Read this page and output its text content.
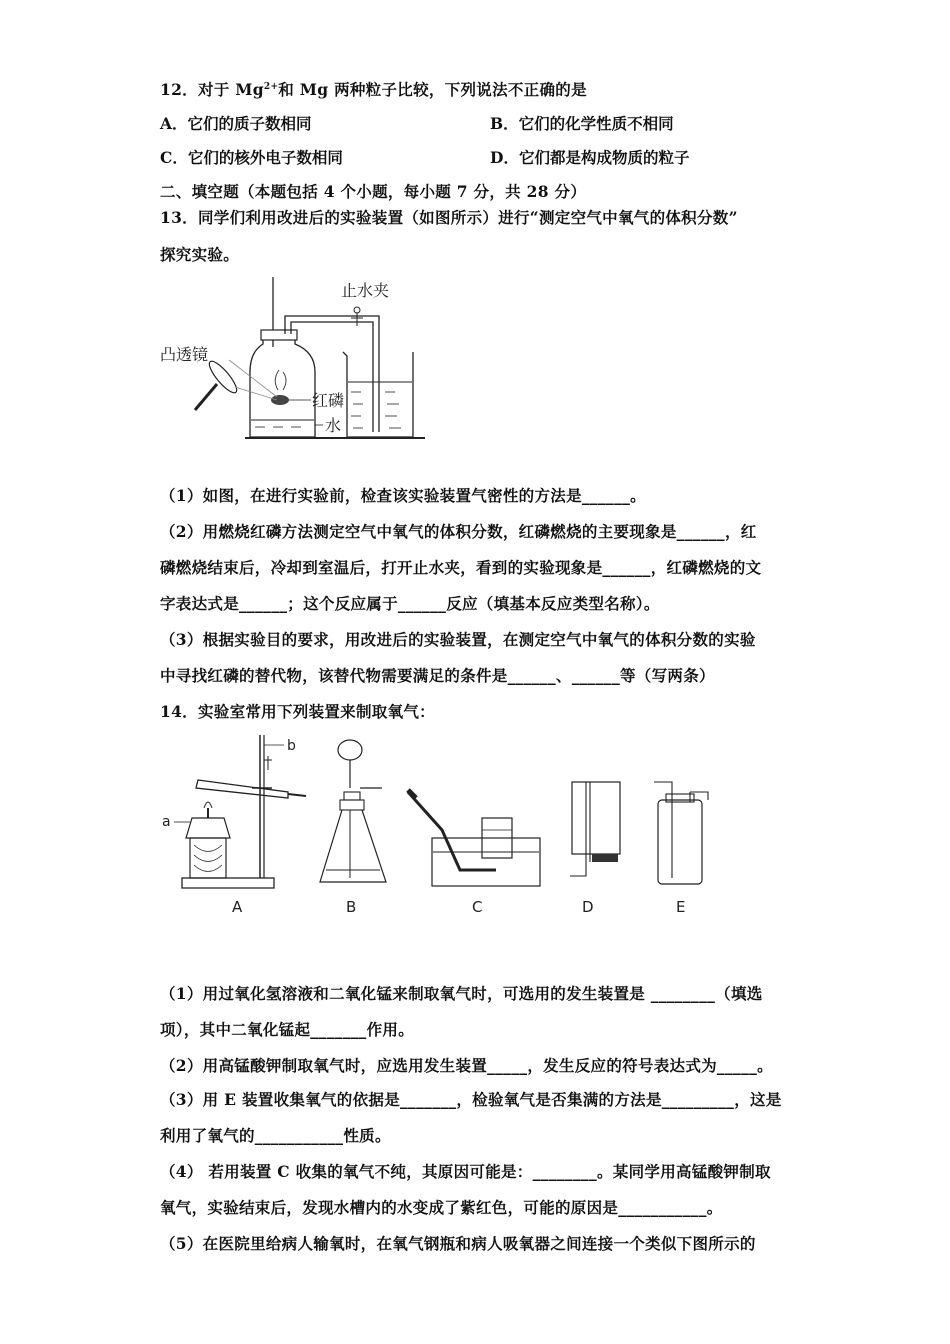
12．对于 $Mg^{2+}$和 Mg 两种粒子比较，下列说法不正确的是
A．它们的质子数相同	B．它们的化学性质不相同
C．它们的核外电子数相同	D．它们都是构成物质的粒子
二、填空题（本题包括 4 个小题，每小题 7 分，共 28 分）
13．同学们利用改进后的实验装置（如图所示）进行“测定空气中氧气的体积分数”
探究实验。
止水夹
凸透镜
红磷
水
（1）如图，在进行实验前，检查该实验装置气密性的方法是______。
（2）用燃烧红磷方法测定空气中氧气的体积分数，红磷燃烧的主要现象是______，红
磷燃烧结束后，冷却到室温后，打开止水夹，看到的实验现象是______，红磷燃烧的文
字表达式是______；这个反应属于______反应（填基本反应类型名称）。
（3）根据实验目的要求，用改进后的实验装置，在测定空气中氧气的体积分数的实验
中寻找红磷的替代物，该替代物需要满足的条件是______、______等（写两条）
14．实验室常用下列装置来制取氧气：
b
a
A	B	C	D	E
（1）用过氧化氢溶液和二氧化锰来制取氧气时，可选用的发生装置是 ________（填选
项），其中二氧化锰起_______作用。
（2）用高锰酸钾制取氧气时，应选用发生装置_____，发生反应的符号表达式为_____。
（3）用 E 装置收集氧气的依据是_______，检验氧气是否集满的方法是_________，这是
利用了氧气的___________性质。
（4） 若用装置 C 收集的氧气不纯，其原因可能是：________。某同学用高锰酸钾制取
氧气，实验结束后，发现水槽内的水变成了紫红色，可能的原因是___________。
（5）在医院里给病人输氧时，在氧气钢瓶和病人吸氧器之间连接一个类似下图所示的
